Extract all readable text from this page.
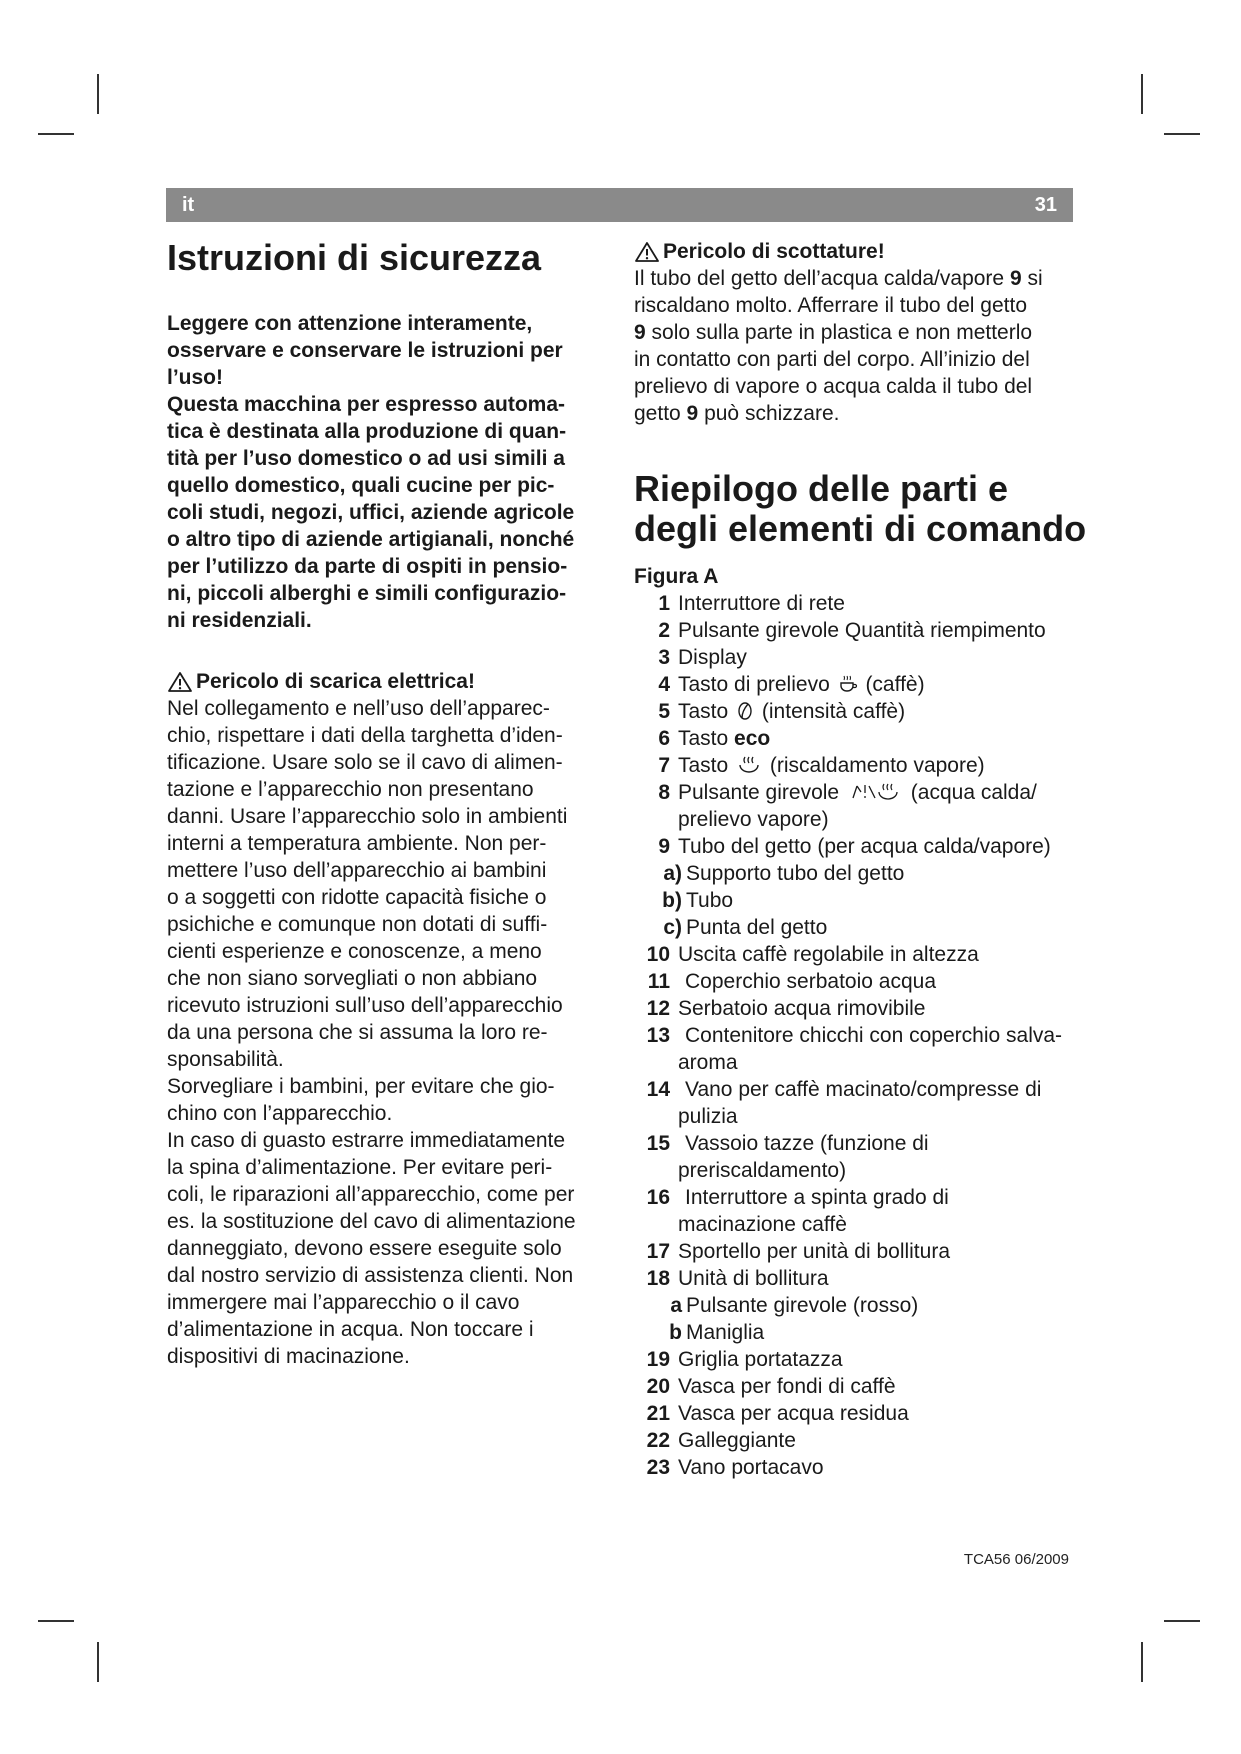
it	31
Istruzioni di sicurezza

Leggere con attenzione interamente,

osservare e conservare le istruzioni per

l’uso!

Questa macchina per espresso automa-

tica è destinata alla produzione di quan-

tità per l’uso domestico o ad usi simili a

quello domestico, quali cucine per pic-

coli studi, negozi, uffici, aziende agricole

o altro tipo di aziende artigianali, nonché

per l’utilizzo da parte di ospiti in pensio-

ni, piccoli alberghi e simili configurazio-

ni residenziali.

Pericolo di scarica elettrica!

Nel collegamento e nell’uso dell’apparec-

chio, rispettare i dati della targhetta d’iden-

tificazione. Usare solo se il cavo di alimen-

tazione e l’apparecchio non presentano

danni. Usare l’apparecchio solo in ambienti

interni a temperatura ambiente. Non per-

mettere l’uso dell’apparecchio ai bambini

o a soggetti con ridotte capacità fisiche o

psichiche e comunque non dotati di suffi-

cienti esperienze e conoscenze, a meno

che non siano sorvegliati o non abbiano

ricevuto istruzioni sull’uso dell’apparecchio

da una persona che si assuma la loro re-

sponsabilità.

Sorvegliare i bambini, per evitare che gio-

chino con l’apparecchio.

In caso di guasto estrarre immediatamente

la spina d’alimentazione. Per evitare peri-

coli, le riparazioni all’apparecchio, come per

es. la sostituzione del cavo di alimentazione

danneggiato, devono essere eseguite solo

dal nostro servizio di assistenza clienti. Non

immergere mai l’apparecchio o il cavo

d’alimentazione in acqua. Non toccare i

dispositivi di macinazione.

Pericolo di scottature!

Il tubo del getto dell’acqua calda/vapore 9 si

riscaldano molto. Afferrare il tubo del getto

9 solo sulla parte in plastica e non metterlo

in contatto con parti del corpo. All’inizio del

prelievo di vapore o acqua calda il tubo del

getto 9 può schizzare.

Riepilogo delle parti e
degli elementi di comando
Figura A
1 Interruttore di rete
2 Pulsante girevole Quantità riempimento
3 Display
4 Tasto di prelievo (caffè)
5 Tasto (intensità caffè)
6 Tasto eco
7 Tasto (riscaldamento vapore)
8 Pulsante girevole	(acqua calda/
prelievo vapore)
9 Tubo del getto (per acqua calda/vapore)
a) Supporto tubo del getto
b) Tubo
c) Punta del getto
10 Uscita caffè regolabile in altezza
11 Coperchio serbatoio acqua
12 Serbatoio acqua rimovibile
13 Contenitore chicchi con coperchio salva-
aroma
14 Vano per caffè macinato/compresse di
pulizia
15 Vassoio tazze (funzione di
preriscaldamento)
16 Interruttore a spinta grado di
macinazione caffè
17 Sportello per unità di bollitura
18 Unità di bollitura
a Pulsante girevole (rosso)
b Maniglia
19 Griglia portatazza
20 Vasca per fondi di caffè
21 Vasca per acqua residua
22 Galleggiante
23 Vano portacavo
TCA56 06/2009
